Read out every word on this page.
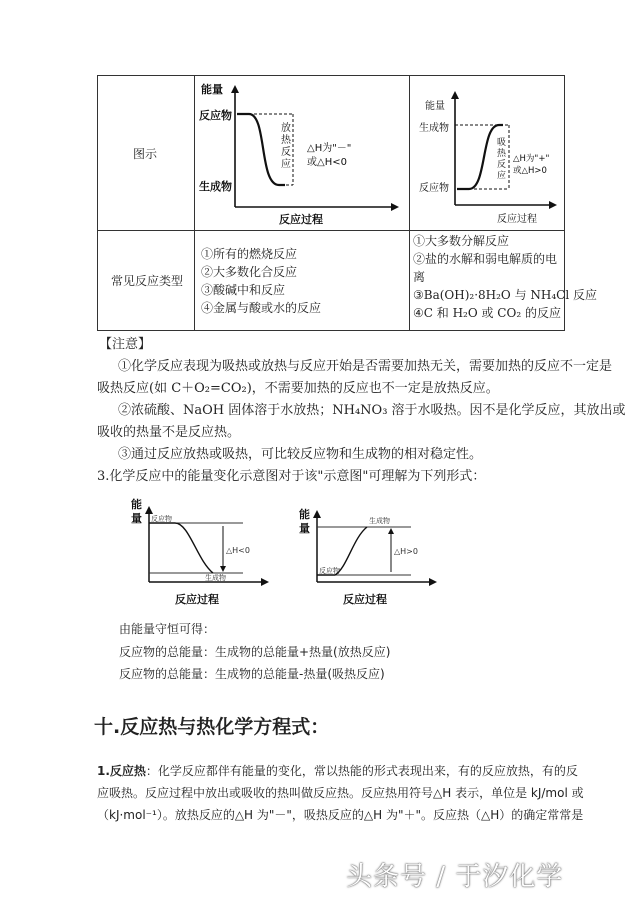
图示
常见反应类型
能量
反应物
生成物
放 热 反 应
△H为"－"
或△H<0
反应过程
能量
反应物
生成物
吸 热 反 应
△H为"+"
或△H>0
反应过程
①所有的燃烧反应
②大多数化合反应
③酸碱中和反应
④金属与酸或水的反应
①大多数分解反应
②盐的水解和弱电解质的电
离
③Ba(OH)₂·8H₂O 与 NH₄Cl 反应
④C 和 H₂O 或 CO₂ 的反应
【注意】
①化学反应表现为吸热或放热与反应开始是否需要加热无关，需要加热的反应不一定是
吸热反应(如 C＋O₂=CO₂)，不需要加热的反应也不一定是放热反应。
②浓硫酸、NaOH 固体溶于水放热；NH₄NO₃ 溶于水吸热。因不是化学反应，其放出或
吸收的热量不是反应热。
③通过反应放热或吸热，可比较反应物和生成物的相对稳定性。
3.化学反应中的能量变化示意图对于该"示意图"可理解为下列形式：
能
量 反应物
生成物
△H<0
反应过程
能
量
生成物
反应物
△H>0
反应过程
由能量守恒可得：
反应物的总能量：生成物的总能量+热量(放热反应)
反应物的总能量：生成物的总能量-热量(吸热反应)
十.反应热与热化学方程式：
1.反应热：化学反应都伴有能量的变化，常以热能的形式表现出来，有的反应放热，有的反
应吸热。反应过程中放出或吸收的热叫做反应热。反应热用符号△H 表示，单位是 kJ/mol 或
（kJ·mol⁻¹）。放热反应的△H 为"－"，吸热反应的△H 为"＋"。反应热（△H）的确定常常是
头条号 / 于汐化学
